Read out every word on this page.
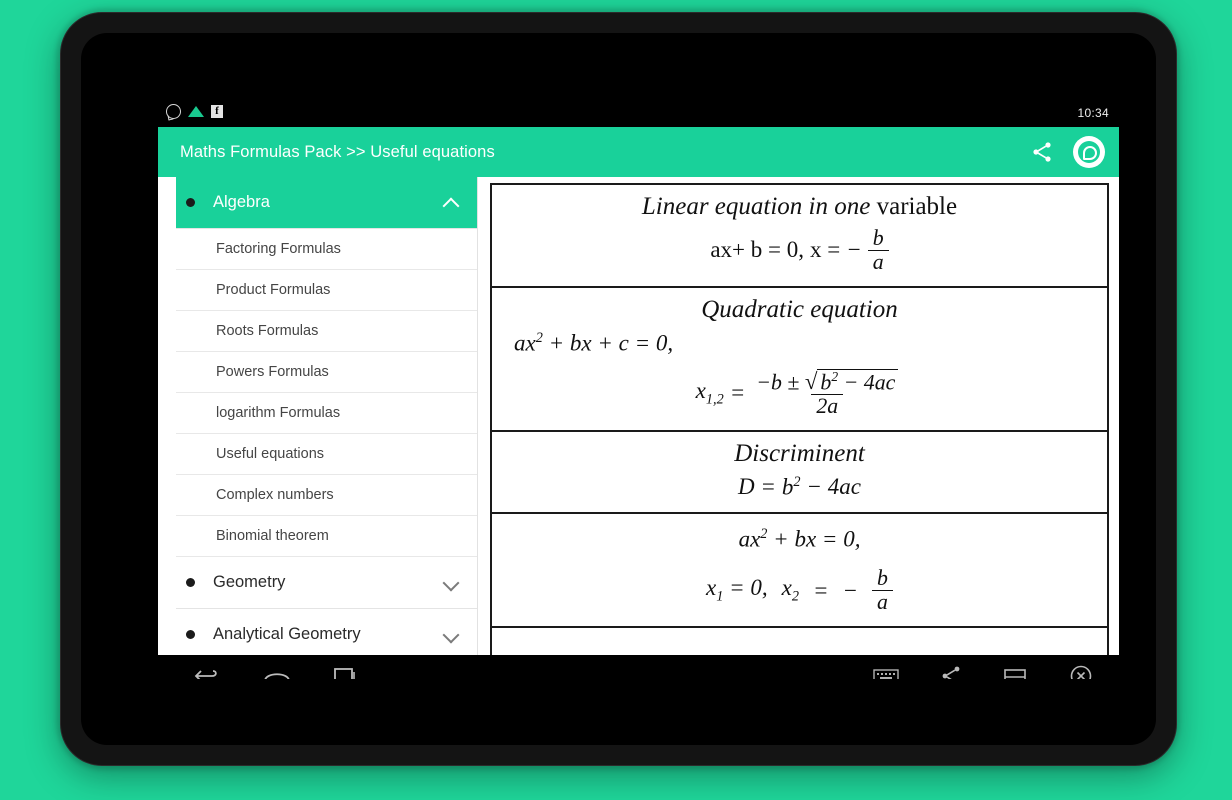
f	10:34
Maths Formulas Pack >> Useful equations
Algebra
Factoring Formulas
Product Formulas
Roots Formulas
Powers Formulas
logarithm Formulas
Useful equations
Complex numbers
Binomial theorem
Geometry
Analytical Geometry
Linear equation in one variable
ax+ b = 0, x = − $\frac{b}{a}$
Quadratic equation
$ax^2$ + bx + c = 0,
$x_{1,2} = \frac{-b \pm √ b^2 - 4ac}{2a}$
Discriminent
$D = b^2 - 4ac$
$ax^2$ + bx = 0,
$x_1 = 0$, $x_2$ = − $\frac{b}{a}$
